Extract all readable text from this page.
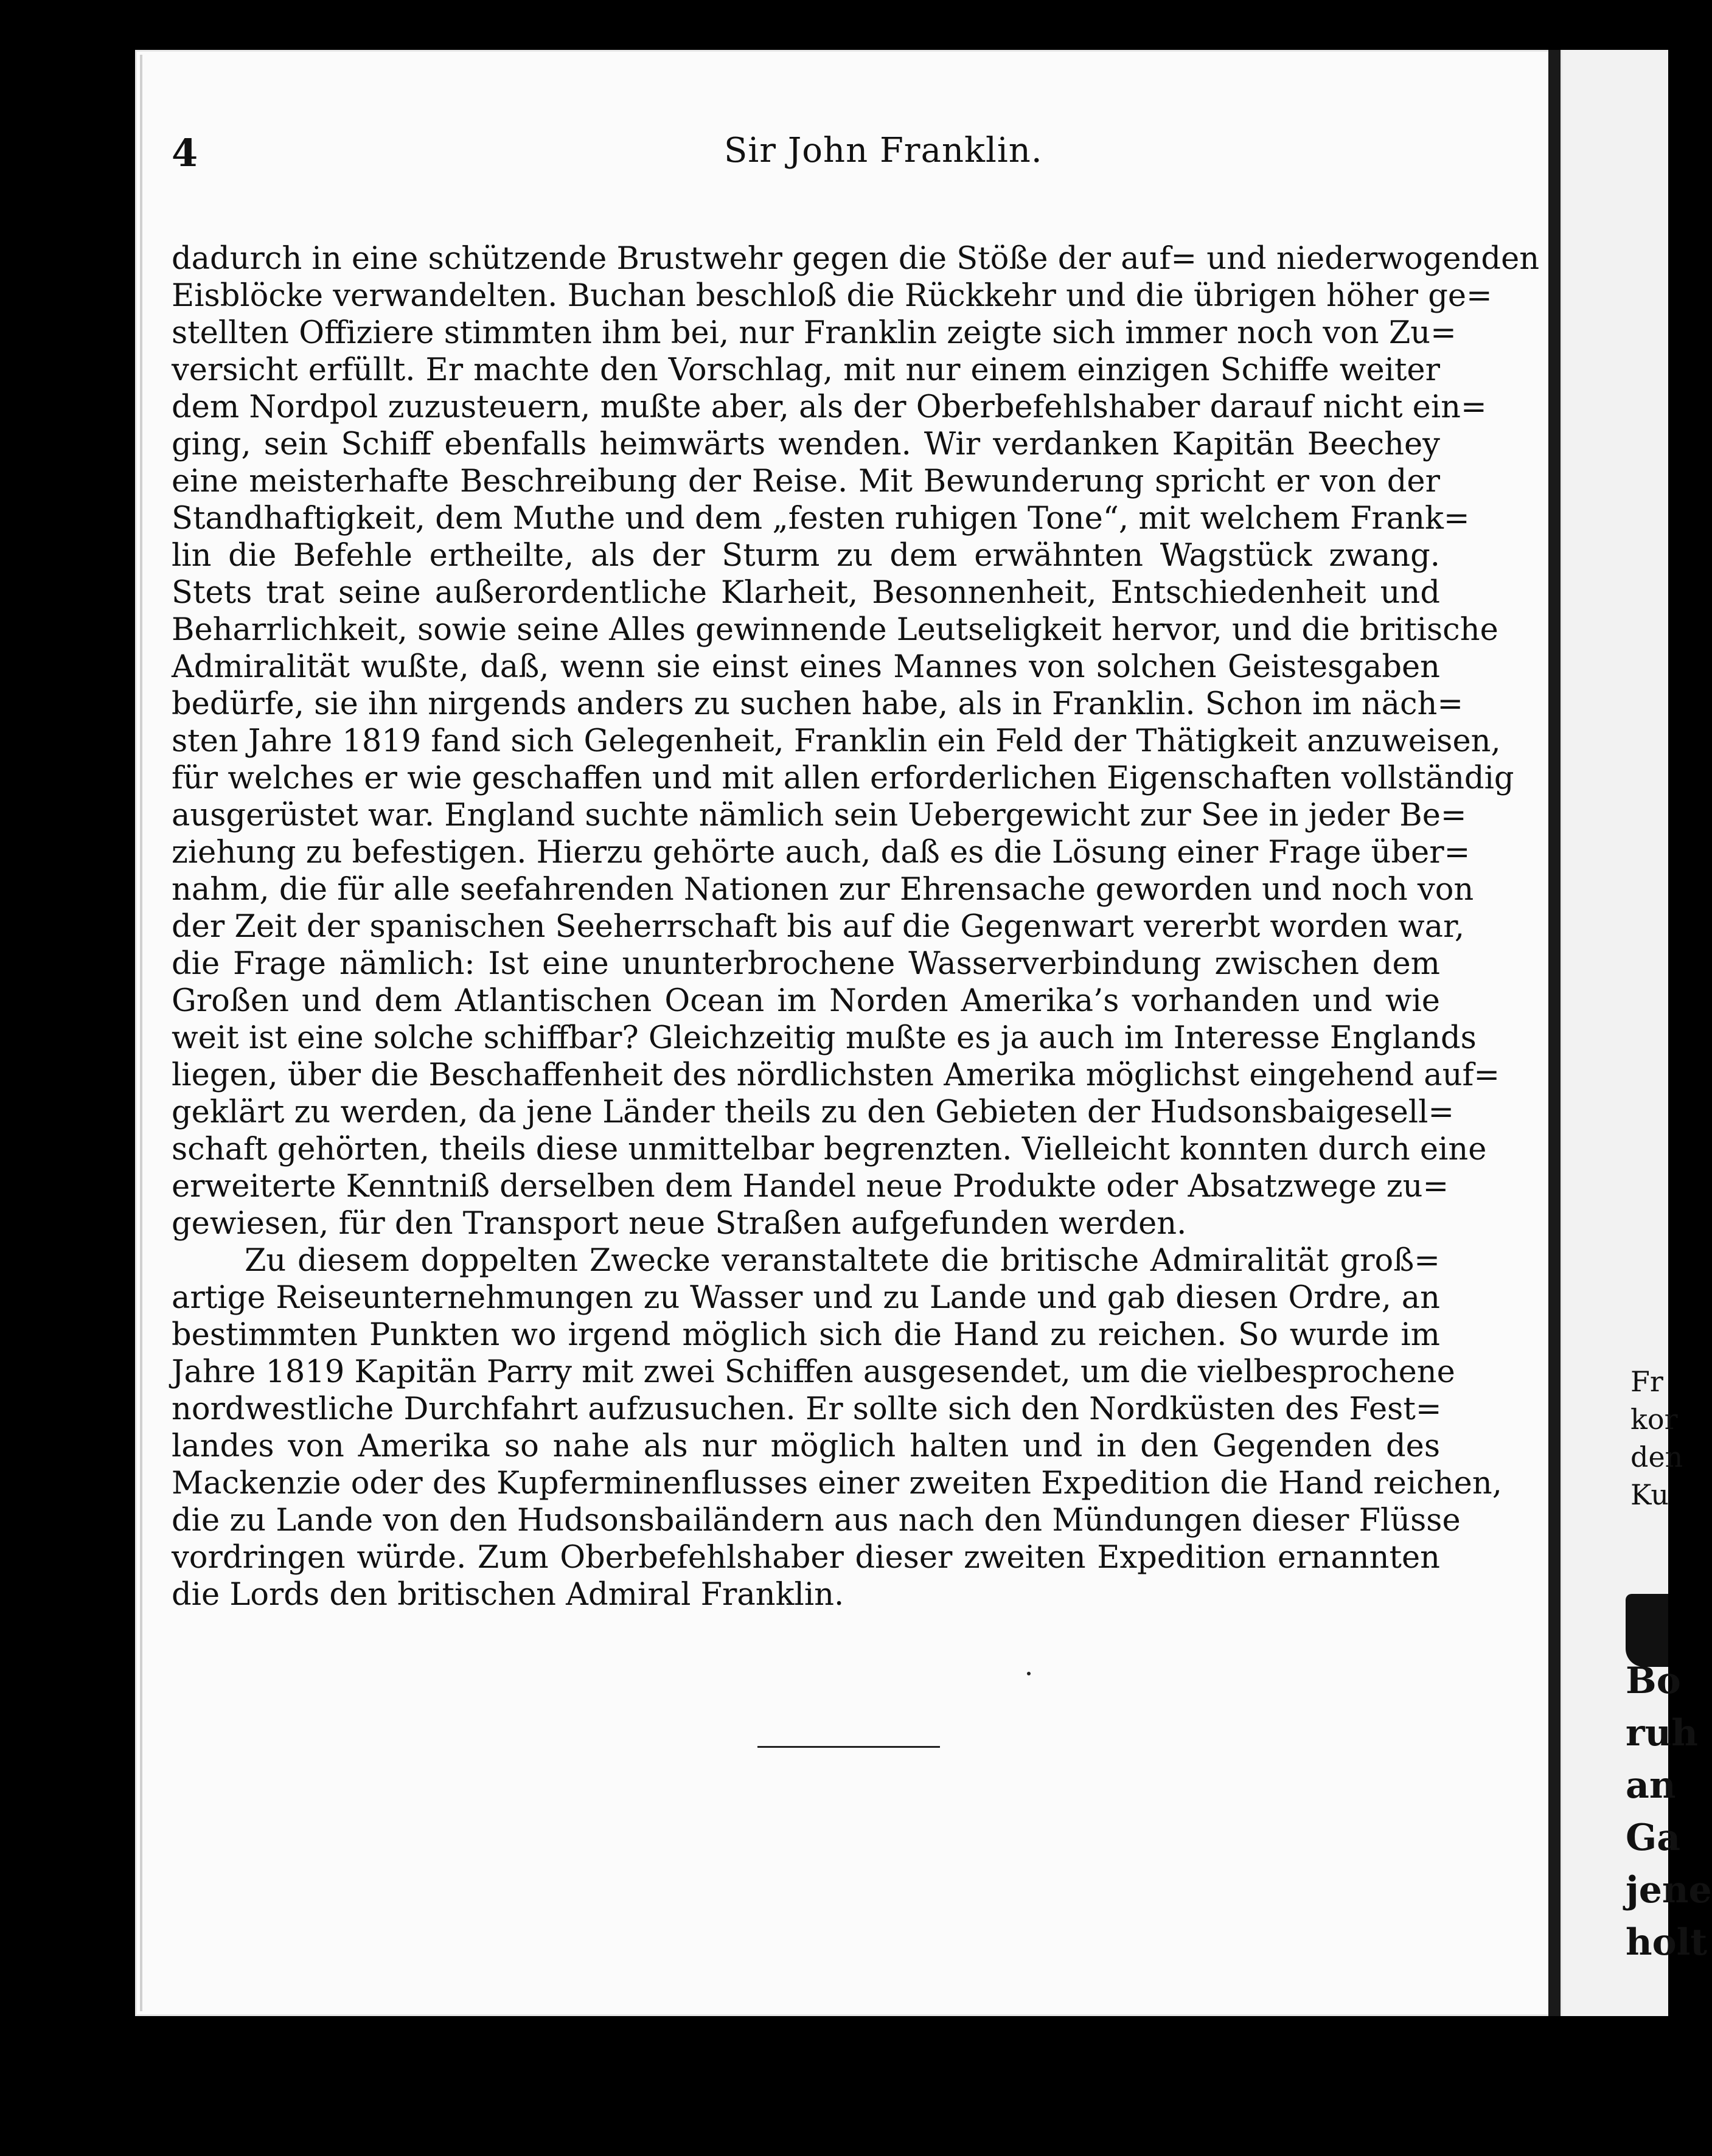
4	Sir John Franklin.
dadurch in eine schützende Brustwehr gegen die Stöße der auf= und niederwogenden
Eisblöcke verwandelten. Buchan beschloß die Rückkehr und die übrigen höher ge=
stellten Offiziere stimmten ihm bei, nur Franklin zeigte sich immer noch von Zu=
versicht erfüllt. Er machte den Vorschlag, mit nur einem einzigen Schiffe weiter
dem Nordpol zuzusteuern, mußte aber, als der Oberbefehlshaber darauf nicht ein=
ging, sein Schiff ebenfalls heimwärts wenden. Wir verdanken Kapitän Beechey
eine meisterhafte Beschreibung der Reise. Mit Bewunderung spricht er von der
Standhaftigkeit, dem Muthe und dem „festen ruhigen Tone“, mit welchem Frank=
lin die Befehle ertheilte, als der Sturm zu dem erwähnten Wagstück zwang.
Stets trat seine außerordentliche Klarheit, Besonnenheit, Entschiedenheit und
Beharrlichkeit, sowie seine Alles gewinnende Leutseligkeit hervor, und die britische
Admiralität wußte, daß, wenn sie einst eines Mannes von solchen Geistesgaben
bedürfe, sie ihn nirgends anders zu suchen habe, als in Franklin. Schon im näch=
sten Jahre 1819 fand sich Gelegenheit, Franklin ein Feld der Thätigkeit anzuweisen,
für welches er wie geschaffen und mit allen erforderlichen Eigenschaften vollständig
ausgerüstet war. England suchte nämlich sein Uebergewicht zur See in jeder Be=
ziehung zu befestigen. Hierzu gehörte auch, daß es die Lösung einer Frage über=
nahm, die für alle seefahrenden Nationen zur Ehrensache geworden und noch von
der Zeit der spanischen Seeherrschaft bis auf die Gegenwart vererbt worden war,
die Frage nämlich: Ist eine ununterbrochene Wasserverbindung zwischen dem
Großen und dem Atlantischen Ocean im Norden Amerika’s vorhanden und wie
weit ist eine solche schiffbar? Gleichzeitig mußte es ja auch im Interesse Englands
liegen, über die Beschaffenheit des nördlichsten Amerika möglichst eingehend auf=
geklärt zu werden, da jene Länder theils zu den Gebieten der Hudsonsbaigesell=
schaft gehörten, theils diese unmittelbar begrenzten. Vielleicht konnten durch eine
erweiterte Kenntniß derselben dem Handel neue Produkte oder Absatzwege zu=
gewiesen, für den Transport neue Straßen aufgefunden werden.
Zu diesem doppelten Zwecke veranstaltete die britische Admiralität groß=
artige Reiseunternehmungen zu Wasser und zu Lande und gab diesen Ordre, an
bestimmten Punkten wo irgend möglich sich die Hand zu reichen. So wurde im
Jahre 1819 Kapitän Parry mit zwei Schiffen ausgesendet, um die vielbesprochene
nordwestliche Durchfahrt aufzusuchen. Er sollte sich den Nordküsten des Fest=
landes von Amerika so nahe als nur möglich halten und in den Gegenden des
Mackenzie oder des Kupferminenflusses einer zweiten Expedition die Hand reichen,
die zu Lande von den Hudsonsbailändern aus nach den Mündungen dieser Flüsse
vordringen würde. Zum Oberbefehlshaber dieser zweiten Expedition ernannten
die Lords den britischen Admiral Franklin.
Fr
kor
den
Ku
Bo
ruh
an
Ga
jene
holt
